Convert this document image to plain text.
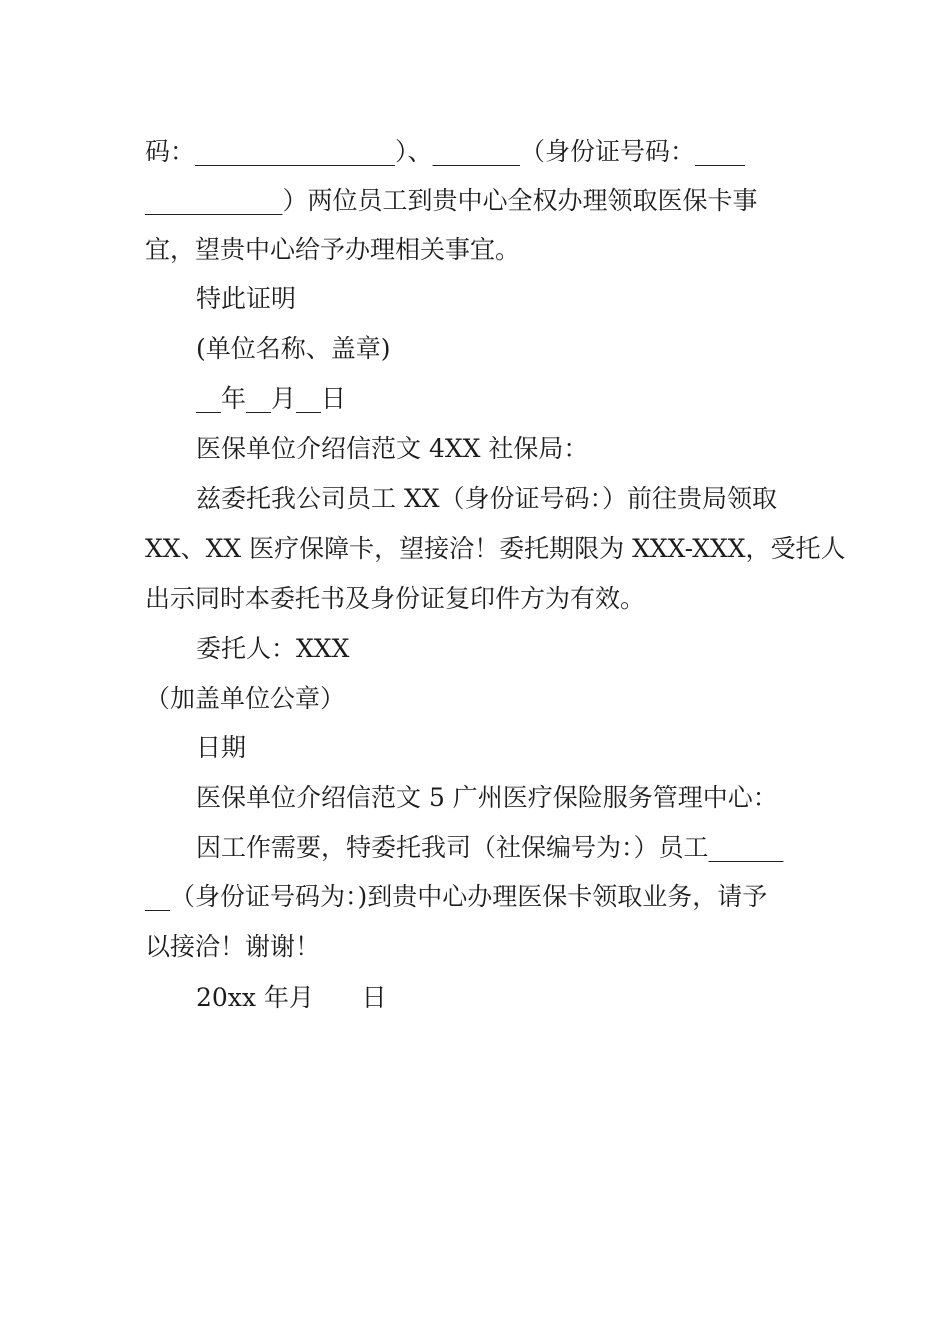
码：________________）、_______（身份证号码：____
___________）两位员工到贵中心全权办理领取医保卡事
宜，望贵中心给予办理相关事宜。
特此证明
(单位名称、盖章)
__年__月__日
医保单位介绍信范文 4XX 社保局：
兹委托我公司员工 XX（身份证号码：）前往贵局领取
XX、XX 医疗保障卡，望接洽！委托期限为 XXX-XXX，受托人
出示同时本委托书及身份证复印件方为有效。
委托人：XXX
（加盖单位公章）
日期
医保单位介绍信范文 5 广州医疗保险服务管理中心：
因工作需要，特委托我司（社保编号为：）员工______
__（身份证号码为：)到贵中心办理医保卡领取业务，请予
以接洽！谢谢！
20xx 年月      日
